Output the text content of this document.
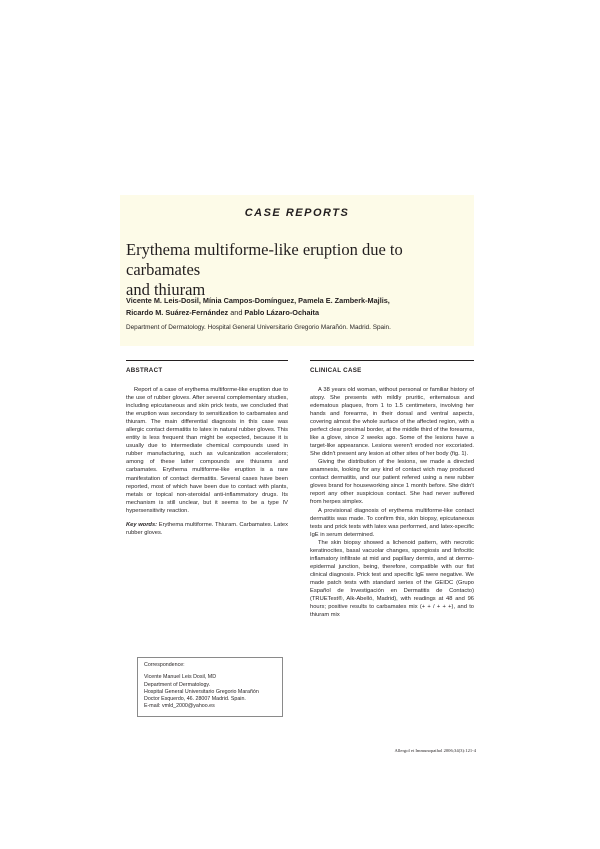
CASE REPORTS
Erythema multiforme-like eruption due to carbamates
and thiuram
Vicente M. Leis-Dosil, Mínia Campos-Domínguez, Pamela E. Zamberk-Majlis,
Ricardo M. Suárez-Fernández and Pablo Lázaro-Ochaita
Department of Dermatology. Hospital General Universitario Gregorio Marañón. Madrid. Spain.
ABSTRACT

Report of a case of erythema multiforme-like eruption due to the use of rubber gloves. After several complementary studies, including epicutaneous and skin prick tests, we concluded that the eruption was secondary to sensitization to carbamates and thiuram. The main differential diagnosis in this case was allergic contact dermatitis to latex in natural rubber gloves. This entity is less frequent than might be expected, because it is usually due to intermediate chemical compounds used in rubber manufacturing, such as vulcanization accelerators; among of these latter compounds are thiurams and carbamates. Erythema multiforme-like eruption is a rare manifestation of contact dermatitis. Several cases have been reported, most of which have been due to contact with plants, metals or topical non-steroidal anti-inflammatory drugs. Its mechanism is still unclear, but it seems to be a type IV hypersensitivity reaction.

Key words: Erythema multiforme. Thiuram. Carbamates. Latex rubber gloves.
Correspondence:
Vicente Manuel Leis Dosil, MD
Department of Dermatology.
Hospital General Universitario Gregorio Marañón
Doctor Esquerdo, 46. 28007 Madrid. Spain.
E-mail: vmld_2000@yahoo.es
CLINICAL CASE

A 38 years old woman, without personal or familiar history of atopy. She presents with mildly pruritic, eritematous and edematous plaques, from 1 to 1.5 centimeters, involving her hands and forearms, in their dorsal and ventral aspects, covering almost the whole surface of the affected region, with a perfect clear proximal border, at the middle third of the forearms, like a glove, since 2 weeks ago. Some of the lesions have a target-like appearance. Lesions weren't eroded nor excoriated. She didn't present any lesion at other sites of her body (fig. 1).

Giving the distribution of the lesions, we made a directed anamnesis, looking for any kind of contact wich may produced contact dermatitis, and our patient refered using a new rubber gloves brand for houseworking since 1 month before. She didn't report any other suspicious contact. She had never suffered from herpes simplex.

A provisional diagnosis of erythema multiforme-like contact dermatitis was made. To confirm this, skin biopsy, epicutaneous tests and prick tests with latex was performed, and latex-specific IgE in serum determined.

The skin biopsy showed a lichenoid pattern, with necrotic keratinocites, basal vacuolar changes, spongiosis and linfocitic inflamatory infiltrate at mid and papillary dermis, and at dermo-epidermal junction, being, therefore, compatible with our fist clinical diagnosis. Prick test and specific IgE were negative. We made patch tests with standard series of the GEIDC (Grupo Español de Investigación en Dermatitis de Contacto) (TRUETest®, Alk-Abelló, Madrid), with readings at 48 and 96 hours; positive results to carbamates mix (+ + / + + +), and to thiuram mix

Allergol et Immunopathol 2006;34(3):121-4
